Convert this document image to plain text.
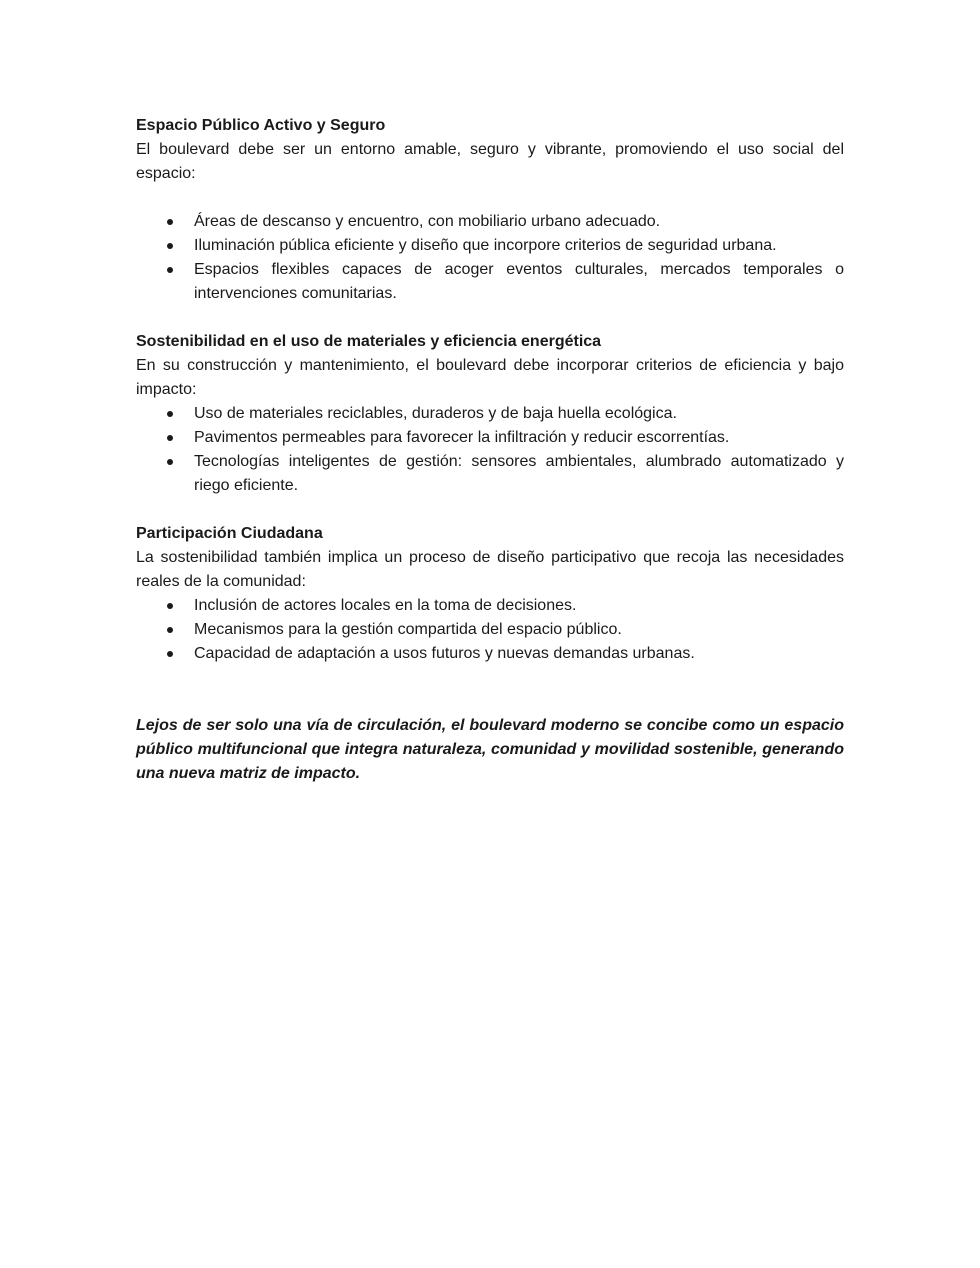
Espacio Público Activo y Seguro

El boulevard debe ser un entorno amable, seguro y vibrante, promoviendo el uso social del espacio:

Áreas de descanso y encuentro, con mobiliario urbano adecuado.
Iluminación pública eficiente y diseño que incorpore criterios de seguridad urbana.
Espacios flexibles capaces de acoger eventos culturales, mercados temporales o intervenciones comunitarias.

Sostenibilidad en el uso de materiales y eficiencia energética

En su construcción y mantenimiento, el boulevard debe incorporar criterios de eficiencia y bajo impacto:

Uso de materiales reciclables, duraderos y de baja huella ecológica.
Pavimentos permeables para favorecer la infiltración y reducir escorrentías.
Tecnologías inteligentes de gestión: sensores ambientales, alumbrado automatizado y riego eficiente.

Participación Ciudadana

La sostenibilidad también implica un proceso de diseño participativo que recoja las necesidades reales de la comunidad:

Inclusión de actores locales en la toma de decisiones.
Mecanismos para la gestión compartida del espacio público.
Capacidad de adaptación a usos futuros y nuevas demandas urbanas.

Lejos de ser solo una vía de circulación, el boulevard moderno se concibe como un espacio público multifuncional que integra naturaleza, comunidad y movilidad sostenible, generando una nueva matriz de impacto.
